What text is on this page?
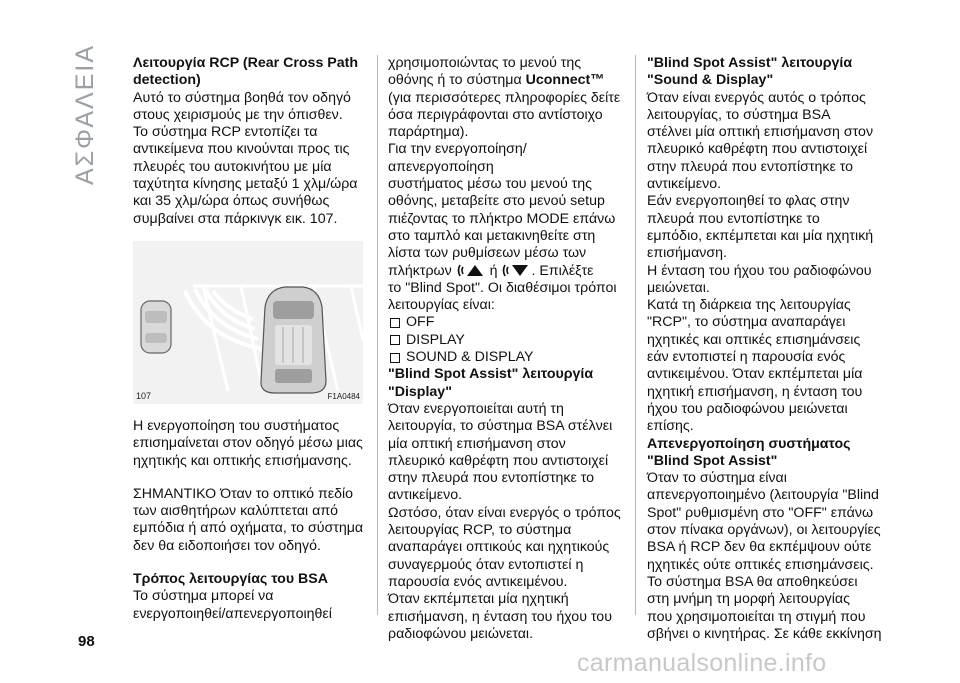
ΑΣΦΑΛΕΙΑ Λειτουργία RCP (Rear Cross Path

detection)

Αυτό το σύστημα βοηθά τον οδηγό

στους χειρισμούς με την όπισθεν.

Το σύστημα RCP εντοπίζει τα

αντικείμενα που κινούνται προς τις

πλευρές του αυτοκινήτου με μία

ταχύτητα κίνησης μεταξύ 1 χλμ/ώρα

και 35 χλμ/ώρα όπως συνήθως

συμβαίνει στα πάρκινγκ εικ. 107.

107	F1A0484

Η ενεργοποίηση του συστήματος

επισημαίνεται στον οδηγό μέσω μιας

ηχητικής και οπτικής επισήμανσης.

ΣΗΜΑΝΤΙΚΟ Όταν το οπτικό πεδίο

των αισθητήρων καλύπτεται από

εμπόδια ή από οχήματα, το σύστημα

δεν θα ειδοποιήσει τον οδηγό.

Τρόπος λειτουργίας του BSA

Το σύστημα μπορεί να

ενεργοποιηθεί/απενεργοποιηθεί

χρησιμοποιώντας το μενού της

οθόνης ή το σύστημα Uconnect™

(για περισσότερες πληροφορίες δείτε

όσα περιγράφονται στο αντίστοιχο

παράρτημα).

Για την ενεργοποίηση/απενεργοποίηση

συστήματος μέσω του μενού της

οθόνης, μεταβείτε στο μενού setup

πιέζοντας το πλήκτρο MODE επάνω

στο ταμπλό και μετακινηθείτε στη

λίστα των ρυθμίσεων μέσω των

πλήκτρων  ή . Επιλέξτε

το "Blind Spot". Οι διαθέσιμοι τρόποι

λειτουργίας είναι:

OFF
DISPLAY
SOUND & DISPLAY

"Blind Spot Assist" λειτουργία

"Display"

Όταν ενεργοποιείται αυτή τη

λειτουργία, το σύστημα BSA στέλνει

μία οπτική επισήμανση στον

πλευρικό καθρέφτη που αντιστοιχεί

στην πλευρά που εντοπίστηκε το

αντικείμενο.

Ωστόσο, όταν είναι ενεργός ο τρόπος

λειτουργίας RCP, το σύστημα

αναπαράγει οπτικούς και ηχητικούς

συναγερμούς όταν εντοπιστεί η

παρουσία ενός αντικειμένου.

Όταν εκπέμπεται μία ηχητική

επισήμανση, η ένταση του ήχου του

ραδιοφώνου μειώνεται.

"Blind Spot Assist" λειτουργία

"Sound & Display"

Όταν είναι ενεργός αυτός ο τρόπος

λειτουργίας, το σύστημα BSA

στέλνει μία οπτική επισήμανση στον

πλευρικό καθρέφτη που αντιστοιχεί

στην πλευρά που εντοπίστηκε το

αντικείμενο.

Εάν ενεργοποιηθεί το φλας στην

πλευρά που εντοπίστηκε το

εμπόδιο, εκπέμπεται και μία ηχητική

επισήμανση.

Η ένταση του ήχου του ραδιοφώνου

μειώνεται.

Κατά τη διάρκεια της λειτουργίας

"RCP", το σύστημα αναπαράγει

ηχητικές και οπτικές επισημάνσεις

εάν εντοπιστεί η παρουσία ενός

αντικειμένου. Όταν εκπέμπεται μία

ηχητική επισήμανση, η ένταση του

ήχου του ραδιοφώνου μειώνεται

επίσης.

Απενεργοποίηση συστήματος

"Blind Spot Assist"

Όταν το σύστημα είναι

απενεργοποιημένο (λειτουργία "Blind

Spot" ρυθμισμένη στο "OFF" επάνω

στον πίνακα οργάνων), οι λειτουργίες

BSA ή RCP δεν θα εκπέμψουν ούτε

ηχητικές ούτε οπτικές επισημάνσεις.

Το σύστημα BSA θα αποθηκεύσει

στη μνήμη τη μορφή λειτουργίας

που χρησιμοποιείται τη στιγμή που

σβήνει ο κινητήρας. Σε κάθε εκκίνηση

98
carmanualsonline.info
